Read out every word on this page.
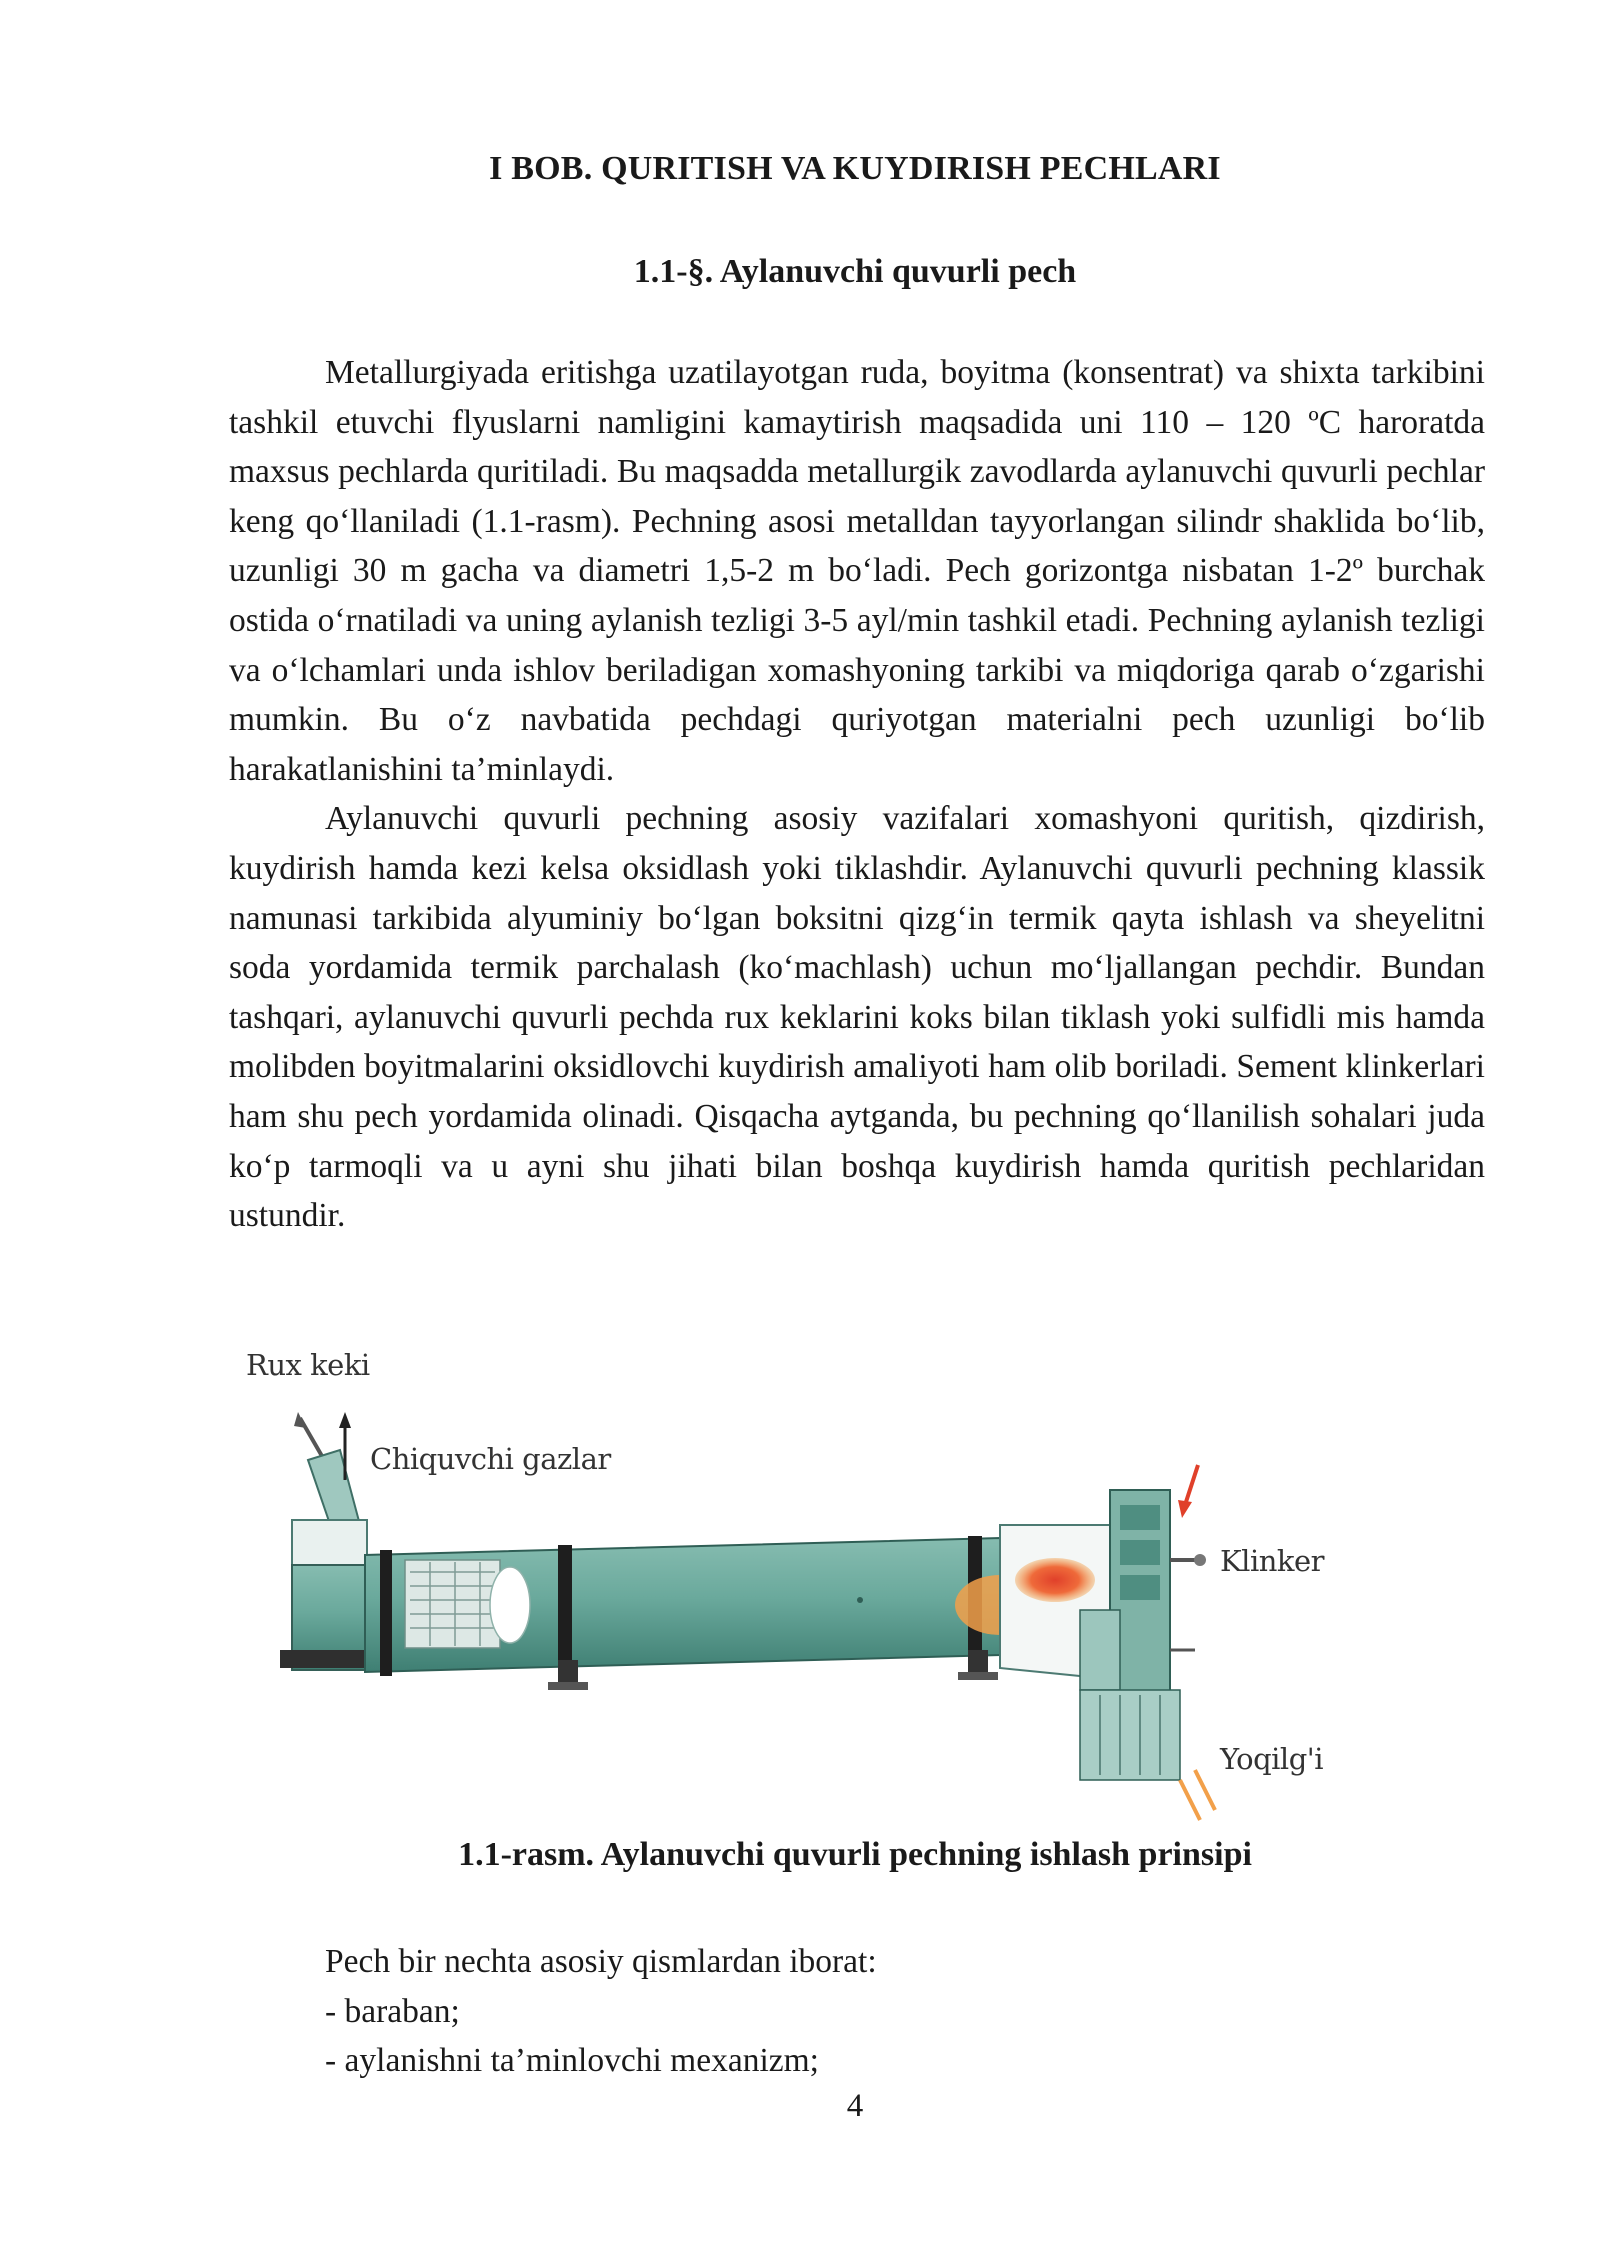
I BOB. QURITISH VA KUYDIRISH PECHLARI
1.1-§. Aylanuvchi quvurli pech

Metallurgiyada eritishga uzatilayotgan ruda, boyitma (konsentrat) va shixta tarkibini tashkil etuvchi flyuslarni namligini kamaytirish maqsadida uni 110 – 120 ºC haroratda maxsus pechlarda quritiladi. Bu maqsadda metallurgik zavodlarda aylanuvchi quvurli pechlar keng qo‘llaniladi (1.1-rasm). Pechning asosi metalldan tayyorlangan silindr shaklida bo‘lib, uzunligi 30 m gacha va diametri 1,5-2 m bo‘ladi. Pech gorizontga nisbatan 1-2º burchak ostida o‘rnatiladi va uning aylanish tezligi 3-5 ayl/min tashkil etadi. Pechning aylanish tezligi va o‘lchamlari unda ishlov beriladigan xomashyoning tarkibi va miqdoriga qarab o‘zgarishi mumkin. Bu o‘z navbatida pechdagi quriyotgan materialni pech uzunligi bo‘lib harakatlanishini ta’minlaydi.

Aylanuvchi quvurli pechning asosiy vazifalari xomashyoni quritish, qizdirish, kuydirish hamda kezi kelsa oksidlash yoki tiklashdir. Aylanuvchi quvurli pechning klassik namunasi tarkibida alyuminiy bo‘lgan boksitni qizg‘in termik qayta ishlash va sheyelitni soda yordamida termik parchalash (ko‘machlash) uchun mo‘ljallangan pechdir. Bundan tashqari, aylanuvchi quvurli pechda rux keklarini koks bilan tiklash yoki sulfidli mis hamda molibden boyitmalarini oksidlovchi kuydirish amaliyoti ham olib boriladi. Sement klinkerlari ham shu pech yordamida olinadi. Qisqacha aytganda, bu pechning qo‘llanilish sohalari juda ko‘p tarmoqli va u ayni shu jihati bilan boshqa kuydirish hamda quritish pechlaridan ustundir.

Rux keki
Chiquvchi gazlar
Klinker
Yoqilg'i
1.1-rasm. Aylanuvchi quvurli pechning ishlash prinsipi
Pech bir nechta asosiy qismlardan iborat:
- baraban;
- aylanishni ta’minlovchi mexanizm;
4
